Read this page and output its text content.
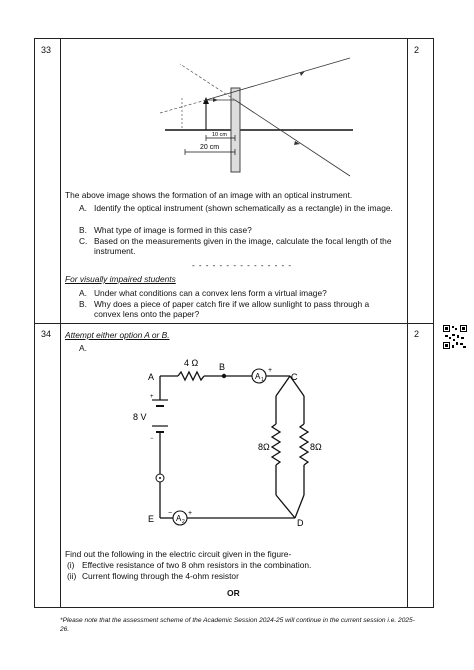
33	2
10 cm
20 cm
The above image shows the formation of an image with an optical instrument.
A. Identify the optical instrument (shown schematically as a rectangle) in the image.
B. What type of image is formed in this case?
C. Based on the measurements given in the image, calculate the focal length of the instrument.
- - - - - - - - - - - - - - -
For visually impaired students
A. Under what conditions can a convex lens form a virtual image?
B. Why does a piece of paper catch fire if we allow sunlight to pass through a convex lens onto the paper?
34	2
Attempt either option A or B.
A.
A 1
A 2
+
− +
+
−
A
B
C
D
E
4 Ω
8 V
8Ω	8Ω
Find out the following in the electric circuit given in the figure-
(i) Effective resistance of two 8 ohm resistors in the combination.
(ii) Current flowing through the 4-ohm resistor
OR
*Please note that the assessment scheme of the Academic Session 2024-25 will continue in the current session i.e. 2025-26.
